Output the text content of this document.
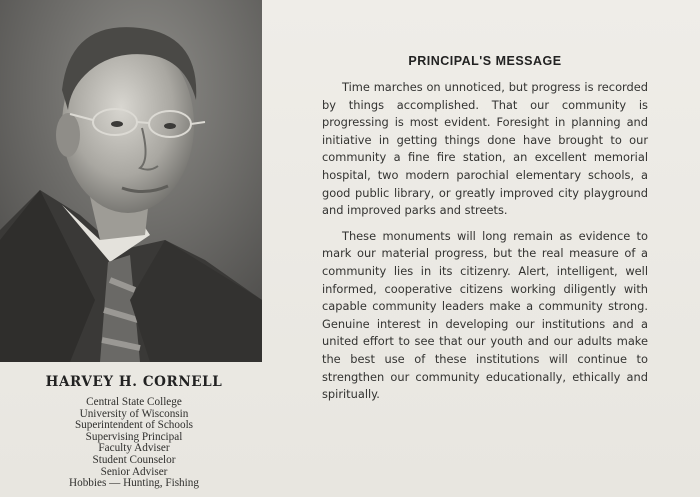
HARVEY H. CORNELL
Central State College
University of Wisconsin
Superintendent of Schools
Supervising Principal
Faculty Adviser
Student Counselor
Senior Adviser
Hobbies — Hunting, Fishing
PRINCIPAL'S MESSAGE

Time marches on unnoticed, but progress is recorded by things accomplished. That our community is progressing is most evident. Foresight in planning and initiative in getting things done have brought to our community a fine fire station, an excellent memorial hospital, two modern parochial elementary schools, a good public library, or greatly improved city playground and improved parks and streets.

These monuments will long remain as evidence to mark our material progress, but the real measure of a community lies in its citizenry. Alert, intelligent, well informed, cooperative citizens working diligently with capable community leaders make a community strong. Genuine interest in developing our institutions and a united effort to see that our youth and our adults make the best use of these institutions will continue to strengthen our community educationally, ethically and spiritually.
